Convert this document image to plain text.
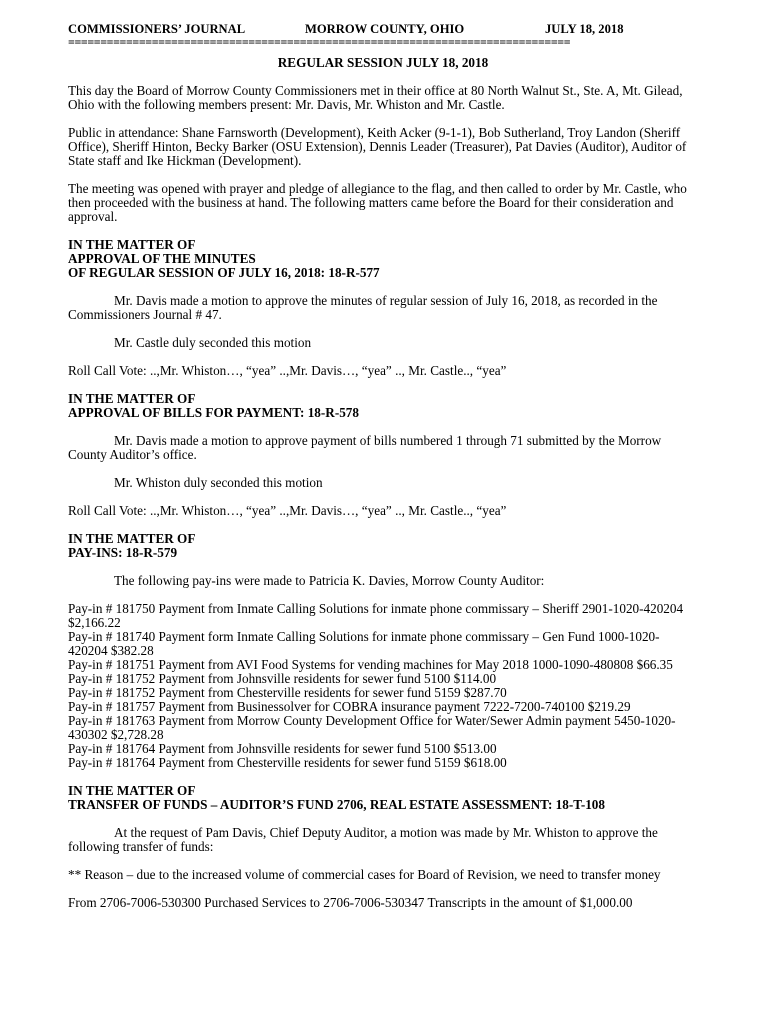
COMMISSIONERS’ JOURNAL	MORROW COUNTY, OHIO	JULY 18, 2018
==============================================================================

REGULAR SESSION JULY 18, 2018

This day the Board of Morrow County Commissioners met in their office at 80 North Walnut St., Ste. A, Mt. Gilead, Ohio with the following members present: Mr. Davis, Mr. Whiston and Mr. Castle.

Public in attendance: Shane Farnsworth (Development), Keith Acker (9-1-1), Bob Sutherland, Troy Landon (Sheriff Office), Sheriff Hinton, Becky Barker (OSU Extension), Dennis Leader (Treasurer), Pat Davies (Auditor), Auditor of State staff and Ike Hickman (Development).

The meeting was opened with prayer and pledge of allegiance to the flag, and then called to order by Mr. Castle, who then proceeded with the business at hand. The following matters came before the Board for their consideration and approval.

IN THE MATTER OF

APPROVAL OF THE MINUTES

OF REGULAR SESSION OF JULY 16, 2018: 18-R-577

Mr. Davis made a motion to approve the minutes of regular session of July 16, 2018, as recorded in the Commissioners Journal # 47.

Mr. Castle duly seconded this motion

Roll Call Vote: ..,Mr. Whiston…, “yea” ..,Mr. Davis…, “yea” .., Mr. Castle.., “yea”

IN THE MATTER OF

APPROVAL OF BILLS FOR PAYMENT: 18-R-578

Mr. Davis made a motion to approve payment of bills numbered 1 through 71 submitted by the Morrow County Auditor’s office.

Mr. Whiston duly seconded this motion

Roll Call Vote: ..,Mr. Whiston…, “yea” ..,Mr. Davis…, “yea” .., Mr. Castle.., “yea”

IN THE MATTER OF

PAY-INS: 18-R-579

The following pay-ins were made to Patricia K. Davies, Morrow County Auditor:

Pay-in # 181750 Payment from Inmate Calling Solutions for inmate phone commissary – Sheriff 2901-1020-420204 $2,166.22

Pay-in # 181740 Payment form Inmate Calling Solutions for inmate phone commissary – Gen Fund 1000-1020-420204 $382.28

Pay-in # 181751 Payment from AVI Food Systems for vending machines for May 2018 1000-1090-480808 $66.35

Pay-in # 181752 Payment from Johnsville residents for sewer fund 5100 $114.00

Pay-in # 181752 Payment from Chesterville residents for sewer fund 5159 $287.70

Pay-in # 181757 Payment from Businessolver for COBRA insurance payment 7222-7200-740100 $219.29

Pay-in # 181763 Payment from Morrow County Development Office for Water/Sewer Admin payment 5450-1020-430302 $2,728.28

Pay-in # 181764 Payment from Johnsville residents for sewer fund 5100 $513.00

Pay-in # 181764 Payment from Chesterville residents for sewer fund 5159 $618.00

IN THE MATTER OF

TRANSFER OF FUNDS – AUDITOR’S FUND 2706, REAL ESTATE ASSESSMENT: 18-T-108

At the request of Pam Davis, Chief Deputy Auditor, a motion was made by Mr. Whiston to approve the following transfer of funds:

** Reason – due to the increased volume of commercial cases for Board of Revision, we need to transfer money

From 2706-7006-530300 Purchased Services to 2706-7006-530347 Transcripts in the amount of $1,000.00
